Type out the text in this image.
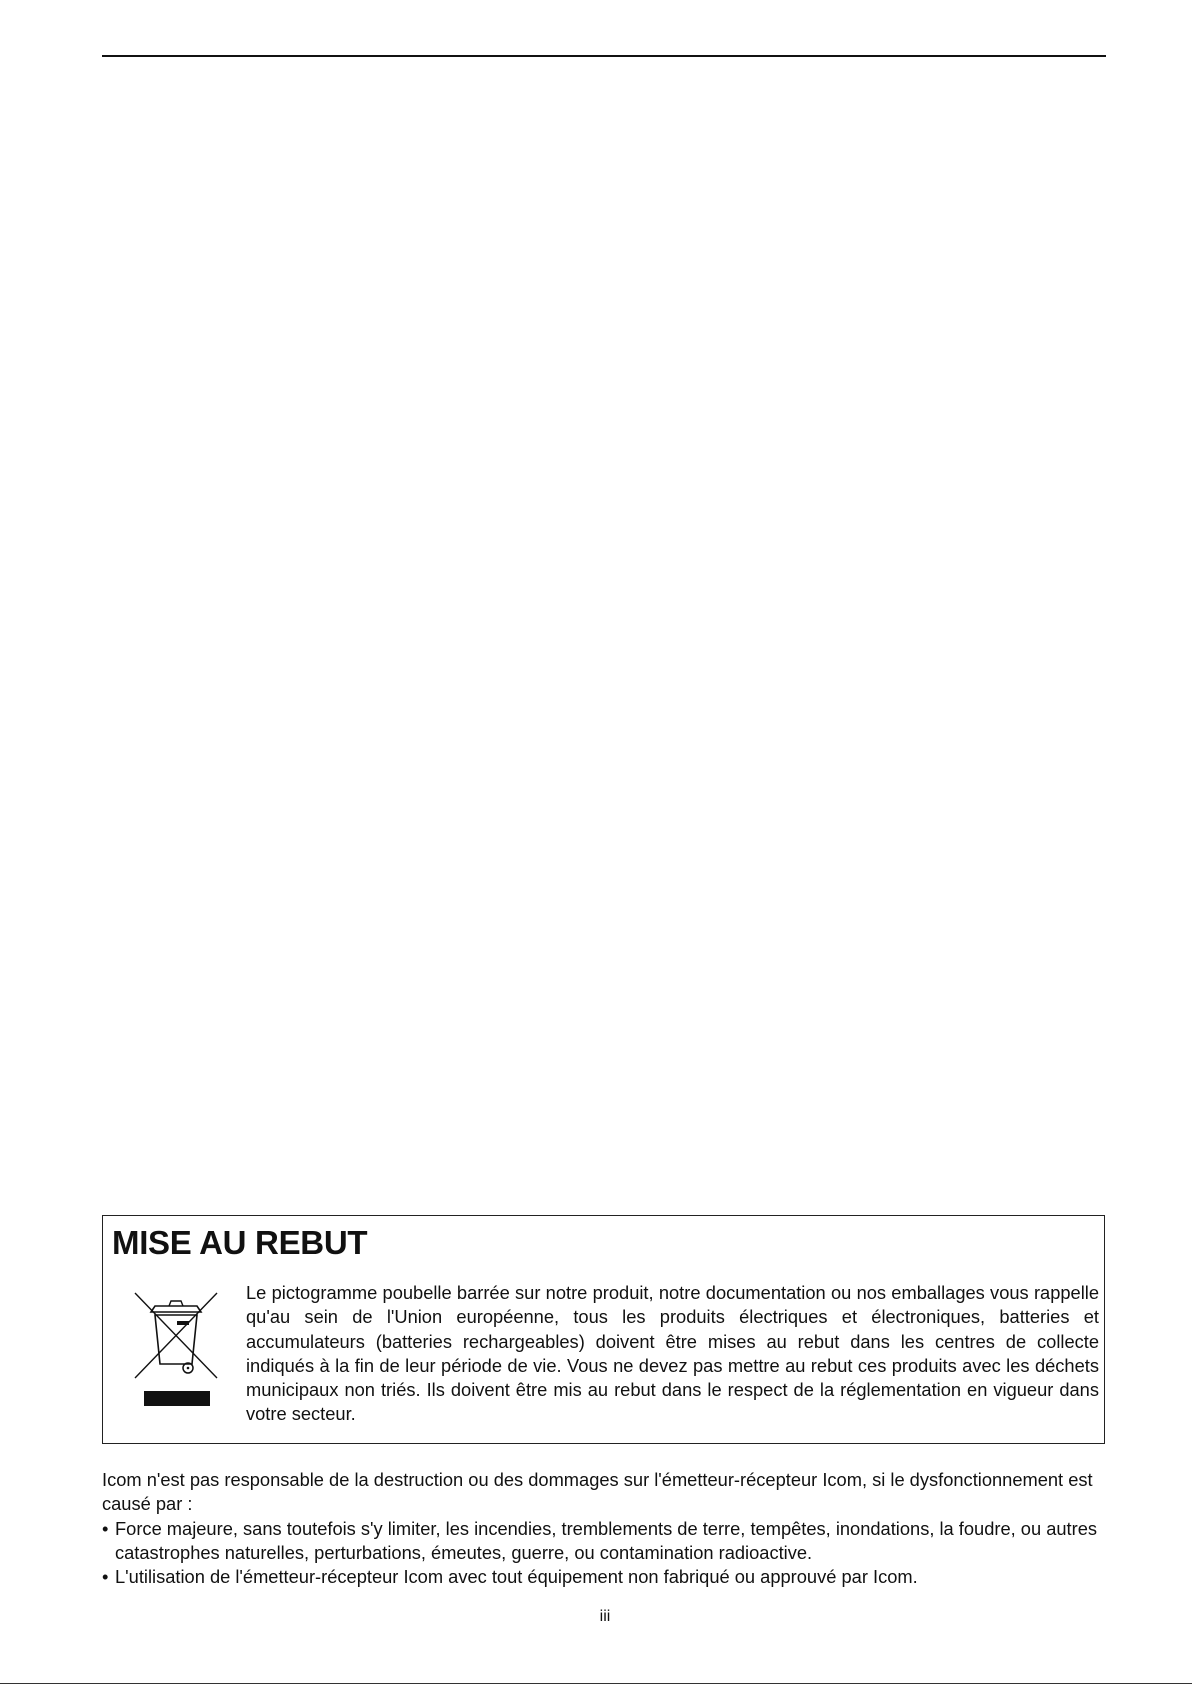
MISE AU REBUT

Le pictogramme poubelle barrée sur notre produit, notre documentation ou nos emballages vous rappelle qu'au sein de l'Union européenne, tous les produits électriques et électroniques, batteries et accumulateurs (batteries rechargeables) doivent être mises au rebut dans les centres de collecte indiqués à la fin de leur période de vie. Vous ne devez pas mettre au rebut ces produits avec les déchets municipaux non triés. Ils doivent être mis au rebut dans le respect de la réglementation en vigueur dans votre secteur.

Icom n'est pas responsable de la destruction ou des dommages sur l'émetteur-récepteur Icom, si le dysfonctionnement est causé par :

• Force majeure, sans toutefois s'y limiter, les incendies, tremblements de terre, tempêtes, inondations, la foudre, ou autres catastrophes naturelles, perturbations, émeutes, guerre, ou contamination radioactive.
• L'utilisation de l'émetteur-récepteur Icom avec tout équipement non fabriqué ou approuvé par Icom.
iii
